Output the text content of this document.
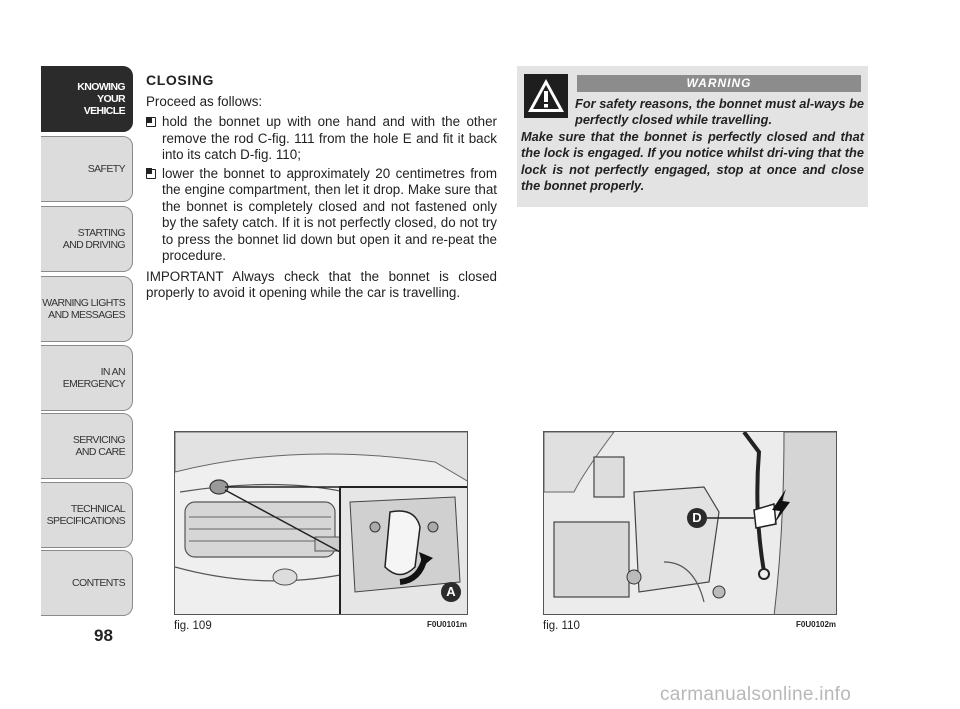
KNOWING
YOUR
VEHICLE
SAFETY
STARTING
AND DRIVING
WARNING LIGHTS
AND MESSAGES
IN AN
EMERGENCY
SERVICING
AND CARE
TECHNICAL
SPECIFICATIONS
CONTENTS
98
CLOSING
Proceed as follows:
hold the bonnet up with one hand and with the other remove the rod C-fig. 111 from the hole E and fit it back into its catch D-fig. 110;
lower the bonnet to approximately 20 centimetres from the engine compartment, then let it drop. Make sure that the bonnet is completely closed and not fastened only by the safety catch. If it is not perfectly closed, do not try to press the bonnet lid down but open it and re-peat the procedure.
IMPORTANT Always check that the bonnet is closed properly to avoid it opening while the car is travelling.
WARNING
For safety reasons, the bonnet must al-ways be perfectly closed while travelling.
Make sure that the bonnet is perfectly closed and that the lock is engaged. If you notice whilst dri-ving that the lock is not perfectly engaged, stop at once and close the bonnet properly.
A
fig. 109	F0U0101m
D
fig. 110	F0U0102m
carmanualsonline.info
